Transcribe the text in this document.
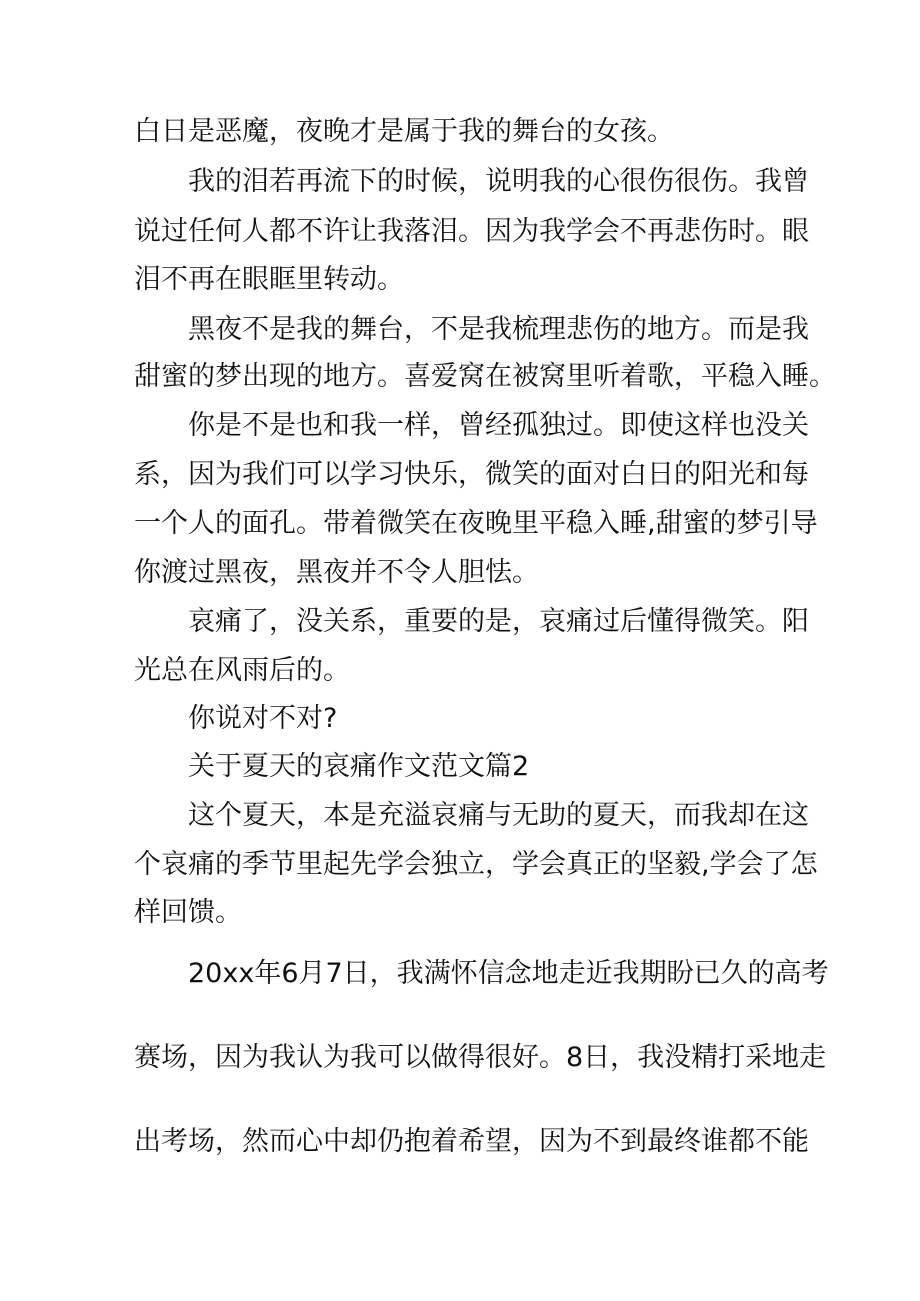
白日是恶魔，夜晚才是属于我的舞台的女孩。

我的泪若再流下的时候，说明我的心很伤很伤。我曾

说过任何人都不许让我落泪。因为我学会不再悲伤时。眼

泪不再在眼眶里转动。

黑夜不是我的舞台，不是我梳理悲伤的地方。而是我

甜蜜的梦出现的地方。喜爱窝在被窝里听着歌，平稳入睡。

你是不是也和我一样，曾经孤独过。即使这样也没关

系，因为我们可以学习快乐，微笑的面对白日的阳光和每

一个人的面孔。带着微笑在夜晚里平稳入睡,甜蜜的梦引导

你渡过黑夜，黑夜并不令人胆怯。

哀痛了，没关系，重要的是，哀痛过后懂得微笑。阳

光总在风雨后的。

你说对不对?

关于夏天的哀痛作文范文篇2

这个夏天，本是充溢哀痛与无助的夏天，而我却在这

个哀痛的季节里起先学会独立，学会真正的坚毅,学会了怎

样回馈。

20xx年6月7日，我满怀信念地走近我期盼已久的高考

赛场，因为我认为我可以做得很好。8日，我没精打采地走

出考场，然而心中却仍抱着希望，因为不到最终谁都不能
